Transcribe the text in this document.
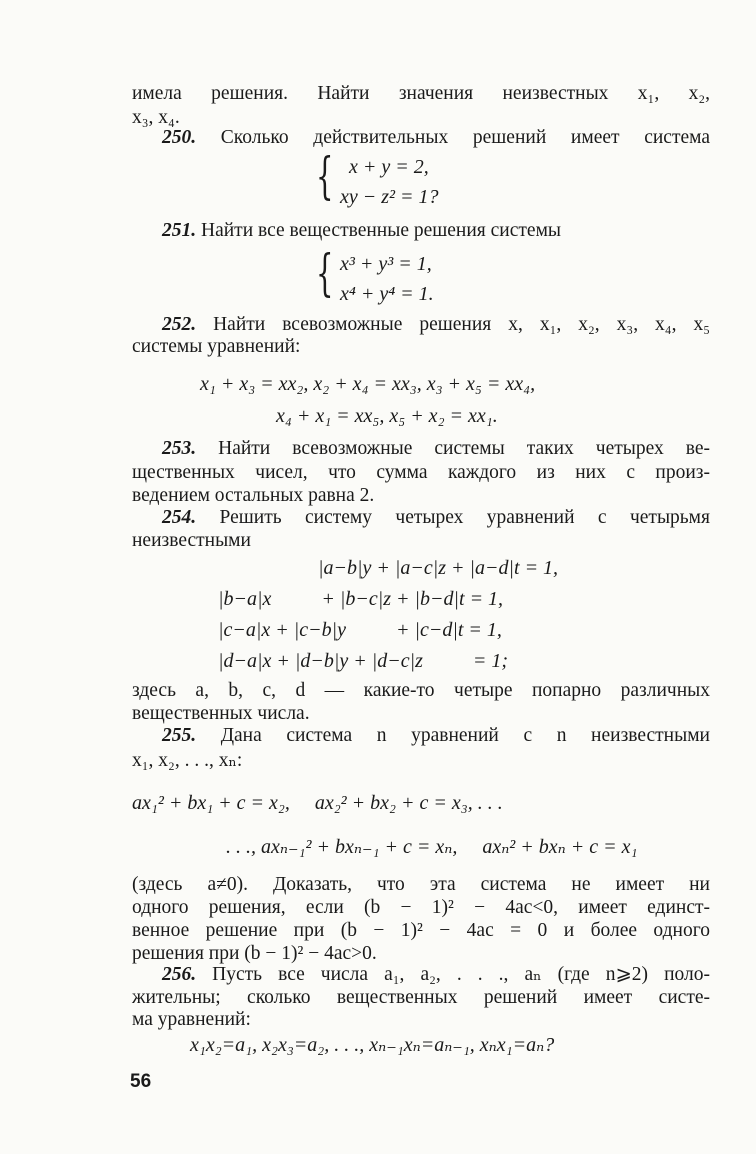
имела решения. Найти значения неизвестных x₁, x₂,
x₃, x₄.
250. Сколько действительных решений имеет система
{ x + y = 2,
xy − z² = 1?
251. Найти все вещественные решения системы
{ x³ + y³ = 1,
x⁴ + y⁴ = 1.
252. Найти всевозможные решения x, x₁, x₂, x₃, x₄, x₅
системы уравнений:
x₁ + x₃ = xx₂, x₂ + x₄ = xx₃, x₃ + x₅ = xx₄,
x₄ + x₁ = xx₅, x₅ + x₂ = xx₁.
253. Найти всевозможные системы таких четырех ве-
щественных чисел, что сумма каждого из них с произ-
ведением остальных равна 2.
254. Решить систему четырех уравнений с четырьмя
неизвестными
|a−b|y + |a−c|z + |a−d|t = 1,
|b−a|x          + |b−c|z + |b−d|t = 1,
|c−a|x + |c−b|y          + |c−d|t = 1,
|d−a|x + |d−b|y + |d−c|z          = 1;
здесь a, b, c, d — какие-то четыре попарно различных
вещественных числа.
255. Дана система n уравнений с n неизвестными
x₁, x₂, . . ., xₙ:
ax₁² + bx₁ + c = x₂,     ax₂² + bx₂ + c = x₃, . . .
. . ., axₙ₋₁² + bxₙ₋₁ + c = xₙ,     axₙ² + bxₙ + c = x₁
(здесь a≠0). Доказать, что эта система не имеет ни
одного решения, если (b − 1)² − 4ac<0, имеет единст-
венное решение при (b − 1)² − 4ac = 0 и более одного
решения при (b − 1)² − 4ac>0.
256. Пусть все числа a₁, a₂, . . ., aₙ (где n⩾2) поло-
жительны; сколько вещественных решений имеет систе-
ма уравнений:
x₁x₂=a₁, x₂x₃=a₂, . . ., xₙ₋₁xₙ=aₙ₋₁, xₙx₁=aₙ?
56
